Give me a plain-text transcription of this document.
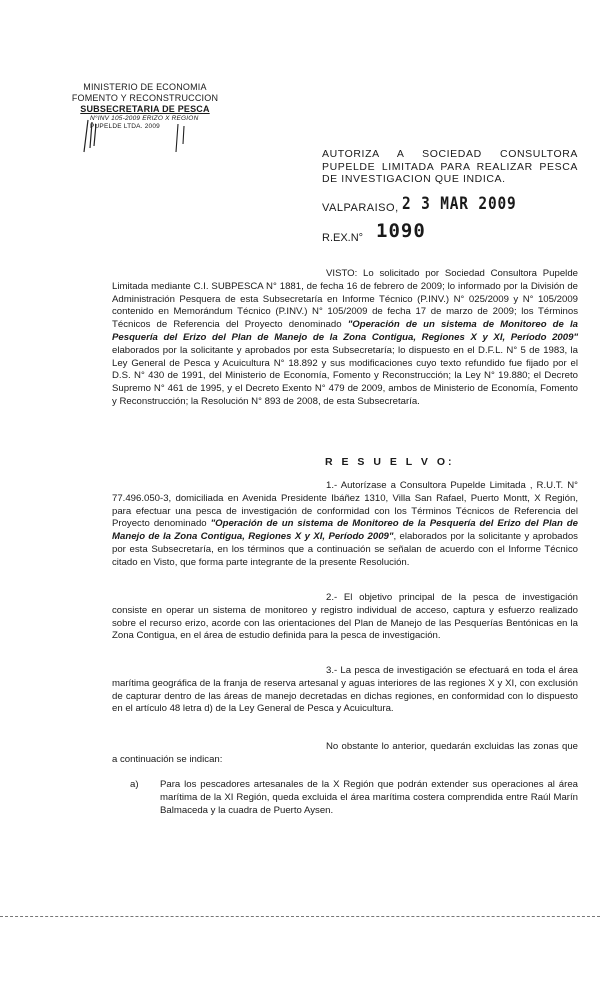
MINISTERIO DE ECONOMIA
FOMENTO Y RECONSTRUCCION
SUBSECRETARIA DE PESCA
N°INV 105-2009 ERIZO X REGION
PUPELDE LTDA. 2009
AUTORIZA A SOCIEDAD CONSULTORA PUPELDE LIMITADA PARA REALIZAR PESCA DE INVESTIGACION QUE INDICA.
VALPARAISO, 2 3 MAR 2009
R.EX.N° 1090
VISTO: Lo solicitado por Sociedad Consultora Pupelde Limitada mediante C.I. SUBPESCA N° 1881, de fecha 16 de febrero de 2009; lo informado por la División de Administración Pesquera de esta Subsecretaría en Informe Técnico (P.INV.) N° 025/2009 y N° 105/2009 contenido en Memorándum Técnico (P.INV.) N° 105/2009 de fecha 17 de marzo de 2009; los Términos Técnicos de Referencia del Proyecto denominado "Operación de un sistema de Monitoreo de la Pesquería del Erizo del Plan de Manejo de la Zona Contigua, Regiones X y XI, Período 2009" elaborados por la solicitante y aprobados por esta Subsecretaría; lo dispuesto en el D.F.L. N° 5 de 1983, la Ley General de Pesca y Acuicultura N° 18.892 y sus modificaciones cuyo texto refundido fue fijado por el D.S. N° 430 de 1991, del Ministerio de Economía, Fomento y Reconstrucción; la Ley N° 19.880; el Decreto Supremo N° 461 de 1995, y el Decreto Exento N° 479 de 2009, ambos de Ministerio de Economía, Fomento y Reconstrucción; la Resolución N° 893 de 2008, de esta Subsecretaría.
R E S U E L V O:
1.- Autorízase a Consultora Pupelde Limitada , R.U.T. N° 77.496.050-3, domiciliada en Avenida Presidente Ibáñez 1310, Villa San Rafael, Puerto Montt, X Región, para efectuar una pesca de investigación de conformidad con los Términos Técnicos de Referencia del Proyecto denominado "Operación de un sistema de Monitoreo de la Pesquería del Erizo del Plan de Manejo de la Zona Contigua, Regiones X y XI, Período 2009", elaborados por la solicitante y aprobados por esta Subsecretaría, en los términos que a continuación se señalan de acuerdo con el Informe Técnico citado en Visto, que forma parte integrante de la presente Resolución.
2.- El objetivo principal de la pesca de investigación consiste en operar un sistema de monitoreo y registro individual de acceso, captura y esfuerzo realizado sobre el recurso erizo, acorde con las orientaciones del Plan de Manejo de las Pesquerías Bentónicas en la Zona Contigua, en el área de estudio definida para la pesca de investigación.
3.- La pesca de investigación se efectuará en toda el área marítima geográfica de la franja de reserva artesanal y aguas interiores de las regiones X y XI, con exclusión de capturar dentro de las áreas de manejo decretadas en dichas regiones, en conformidad con lo dispuesto en el artículo 48 letra d) de la Ley General de Pesca y Acuicultura.
No obstante lo anterior, quedarán excluidas las zonas que a continuación se indican:
a) Para los pescadores artesanales de la X Región que podrán extender sus operaciones al área marítima de la XI Región, queda excluida el área marítima costera comprendida entre Raúl Marín Balmaceda y la cuadra de Puerto Aysen.
